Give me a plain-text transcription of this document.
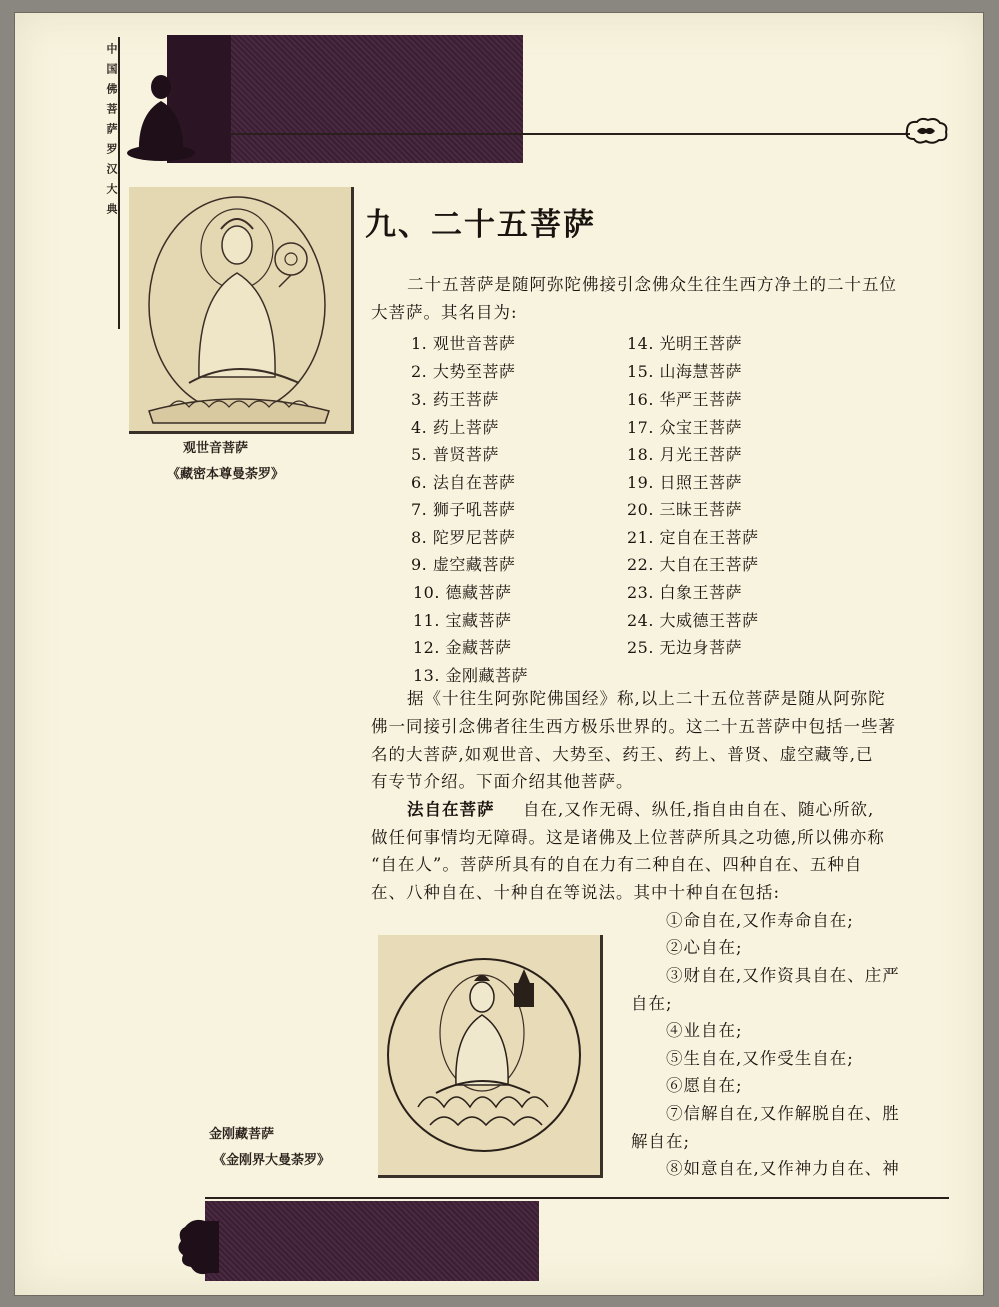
中国佛菩萨罗汉大典
观世音菩萨
《藏密本尊曼荼罗》
九、二十五菩萨
二十五菩萨是随阿弥陀佛接引念佛众生往生西方净土的二十五位
大菩萨。其名目为:
1. 观世音菩萨
2. 大势至菩萨
3. 药王菩萨
4. 药上菩萨
5. 普贤菩萨
6. 法自在菩萨
7. 狮子吼菩萨
8. 陀罗尼菩萨
9. 虚空藏菩萨
10. 德藏菩萨
11. 宝藏菩萨
12. 金藏菩萨
13. 金刚藏菩萨
14. 光明王菩萨
15. 山海慧菩萨
16. 华严王菩萨
17. 众宝王菩萨
18. 月光王菩萨
19. 日照王菩萨
20. 三昧王菩萨
21. 定自在王菩萨
22. 大自在王菩萨
23. 白象王菩萨
24. 大威德王菩萨
25. 无边身菩萨
据《十往生阿弥陀佛国经》称,以上二十五位菩萨是随从阿弥陀
佛一同接引念佛者往生西方极乐世界的。这二十五菩萨中包括一些著
名的大菩萨,如观世音、大势至、药王、药上、普贤、虚空藏等,已
有专节介绍。下面介绍其他菩萨。
法自在菩萨 自在,又作无碍、纵任,指自由自在、随心所欲,
做任何事情均无障碍。这是诸佛及上位菩萨所具之功德,所以佛亦称
“自在人”。菩萨所具有的自在力有二种自在、四种自在、五种自
在、八种自在、十种自在等说法。其中十种自在包括:
①命自在,又作寿命自在;
②心自在;
③财自在,又作资具自在、庄严
自在;
④业自在;
⑤生自在,又作受生自在;
⑥愿自在;
⑦信解自在,又作解脱自在、胜
解自在;
⑧如意自在,又作神力自在、神
金刚藏菩萨
《金刚界大曼荼罗》
